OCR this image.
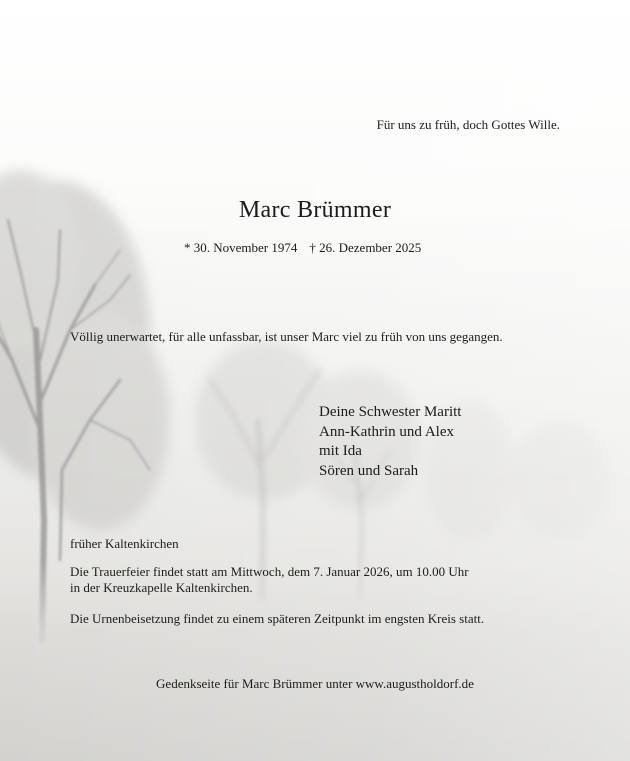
Für uns zu früh, doch Gottes Wille.
Marc Brümmer
* 30. November 1974 † 26. Dezember 2025
Völlig unerwartet, für alle unfassbar, ist unser Marc viel zu früh von uns gegangen.
Deine Schwester Maritt
Ann-Kathrin und Alex
mit Ida
Sören und Sarah
früher Kaltenkirchen
Die Trauerfeier findet statt am Mittwoch, dem 7. Januar 2026, um 10.00 Uhr
in der Kreuzkapelle Kaltenkirchen.
Die Urnenbeisetzung findet zu einem späteren Zeitpunkt im engsten Kreis statt.
Gedenkseite für Marc Brümmer unter www.augustholdorf.de
